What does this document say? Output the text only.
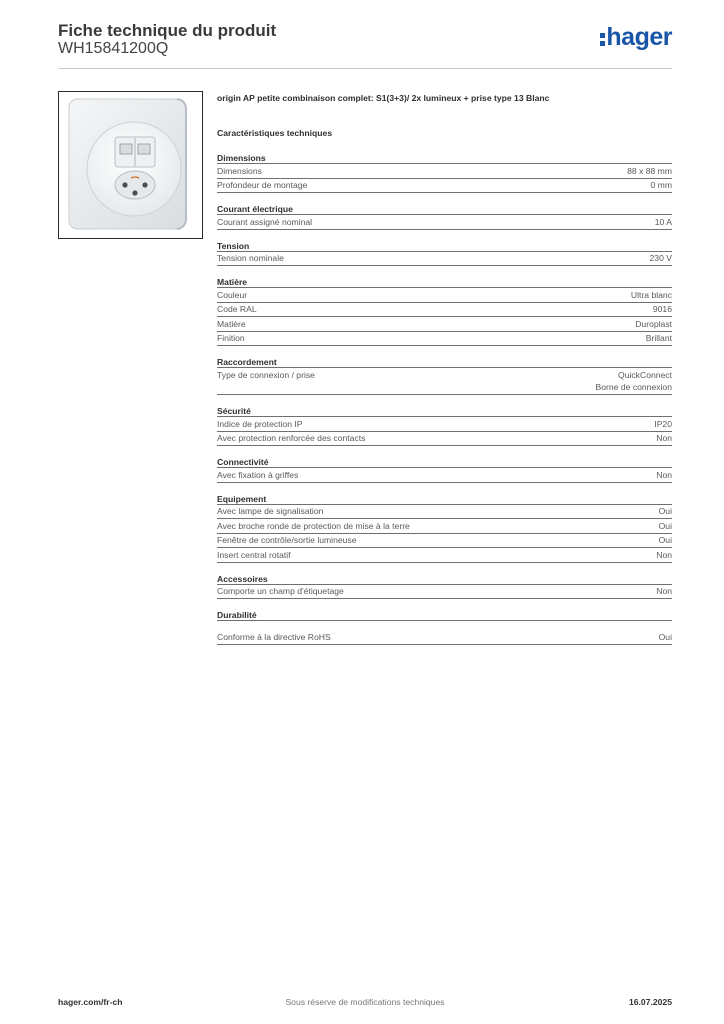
Fiche technique du produit
WH15841200Q	hager
origin AP petite combinaison complet: S1(3+3)/ 2x lumineux + prise type 13 Blanc
Caractéristiques techniques
Dimensions
Dimensions	88 x 88 mm
Profondeur de montage	0 mm
Courant électrique
Courant assigné nominal	10 A
Tension
Tension nominale	230 V
Matière
Couleur	Ultra blanc
Code RAL	9016
Matière	Duroplast
Finition	Brillant
Raccordement
Type de connexion / prise	QuickConnect
Borne de connexion
Sécurité
Indice de protection IP	IP20
Avec protection renforcée des contacts	Non
Connectivité
Avec fixation à griffes	Non
Equipement
Avec lampe de signalisation	Oui
Avec broche ronde de protection de mise à la terre	Oui
Fenêtre de contrôle/sortie lumineuse	Oui
Insert central rotatif	Non
Accessoires
Comporte un champ d'étiquetage	Non
Durabilité
Conforme à la directive RoHS	Oui
hager.com/fr-ch	Sous réserve de modifications techniques	16.07.2025
